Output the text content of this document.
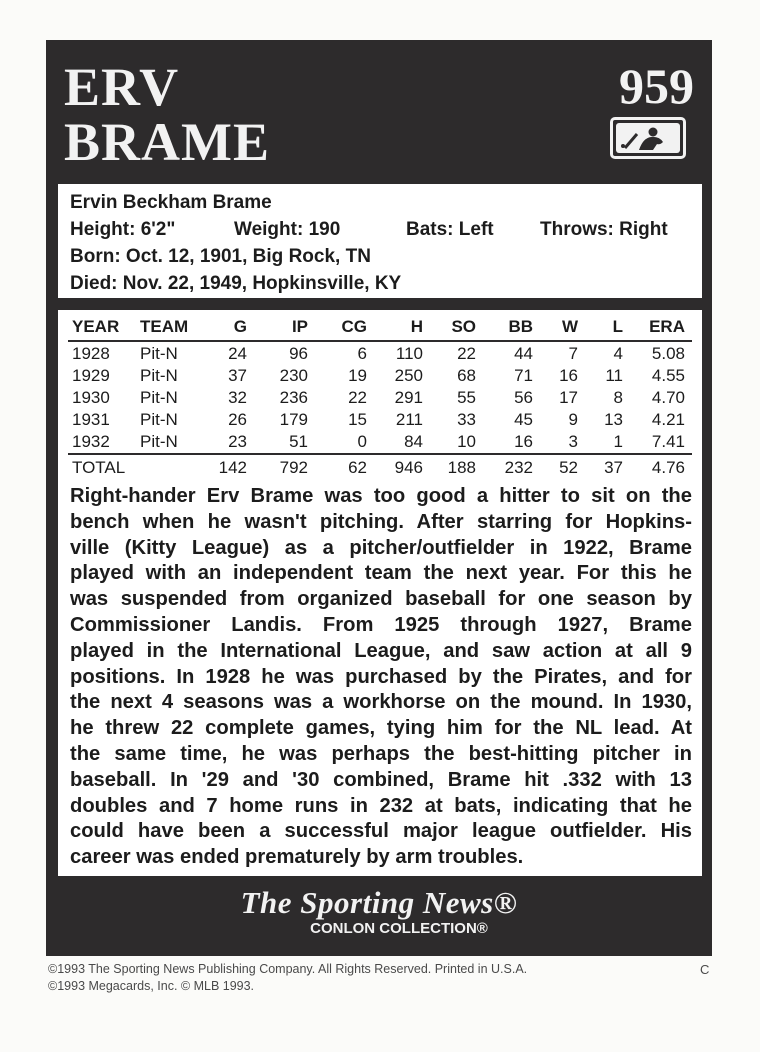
ERV
BRAME
959
Ervin Beckham Brame
Height: 6'2"	Weight: 190	Bats: Left Throws: Right
Born: Oct. 12, 1901, Big Rock, TN
Died: Nov. 22, 1949, Hopkinsville, KY
YEAR TEAM	G	IP CG	H SO BB W L ERA
1928 Pit-N	24 96	6 110 22 44 7 4 5.08
1929 Pit-N	37 230 19 250 68 71 16 11 4.55
1930 Pit-N	32 236 22 291 55 56 17 8 4.70
1931 Pit-N	26 179 15 211 33 45 9 13 4.21
1932 Pit-N	23 51	0 84 10 16 3 1 7.41
TOTAL	142 792 62 946 188 232 52 37 4.76
Right-hander Erv Brame was too good a hitter to sit on the
bench when he wasn't pitching. After starring for Hopkins-
ville (Kitty League) as a pitcher/outfielder in 1922, Brame
played with an independent team the next year. For this he
was suspended from organized baseball for one season by
Commissioner Landis. From 1925 through 1927, Brame
played in the International League, and saw action at all 9
positions. In 1928 he was purchased by the Pirates, and for
the next 4 seasons was a workhorse on the mound. In 1930,
he threw 22 complete games, tying him for the NL lead. At
the same time, he was perhaps the best-hitting pitcher in
baseball. In '29 and '30 combined, Brame hit .332 with 13
doubles and 7 home runs in 232 at bats, indicating that he
could have been a successful major league outfielder. His
career was ended prematurely by arm troubles.
The Sporting News®
CONLON COLLECTION®
©1993 The Sporting News Publishing Company. All Rights Reserved. Printed in U.S.A.
©1993 Megacards, Inc. © MLB 1993.
C
